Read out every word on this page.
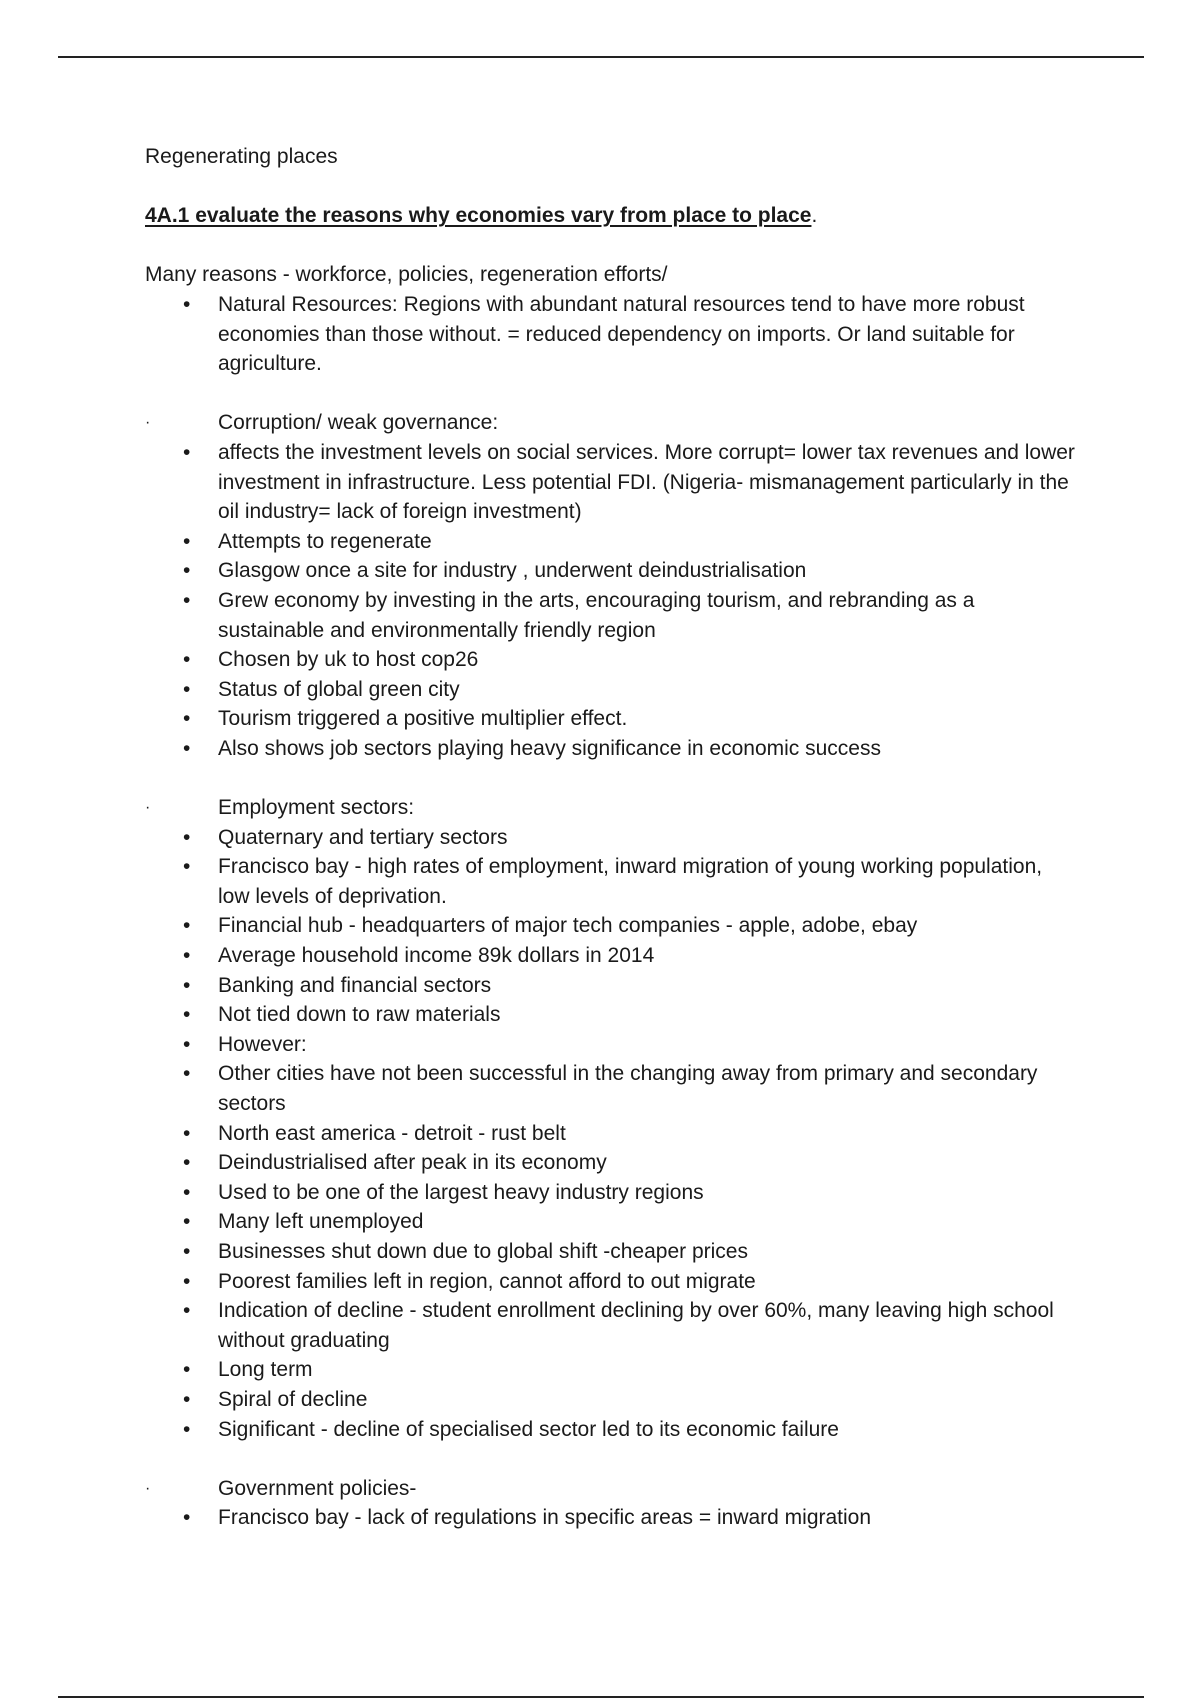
Regenerating places

4A.1 evaluate the reasons why economies vary from place to place.

Many reasons - workforce, policies, regeneration efforts/

• Natural Resources: Regions with abundant natural resources tend to have more robust economies than those without. = reduced dependency on imports. Or land suitable for agriculture.
·	Corruption/ weak governance:
• affects the investment levels on social services. More corrupt= lower tax revenues and lower investment in infrastructure. Less potential FDI. (Nigeria- mismanagement particularly in the oil industry= lack of foreign investment)
• Attempts to regenerate
• Glasgow once a site for industry , underwent deindustrialisation
• Grew economy by investing in the arts, encouraging tourism, and rebranding as a sustainable and environmentally friendly region
• Chosen by uk to host cop26
• Status of global green city
• Tourism triggered a positive multiplier effect.
• Also shows job sectors playing heavy significance in economic success
·	Employment sectors:
• Quaternary and tertiary sectors
• Francisco bay - high rates of employment, inward migration of young working population, low levels of deprivation.
• Financial hub - headquarters of major tech companies - apple, adobe, ebay
• Average household income 89k dollars in 2014
• Banking and financial sectors
• Not tied down to raw materials
• However:
• Other cities have not been successful in the changing away from primary and secondary sectors
• North east america - detroit - rust belt
• Deindustrialised after peak in its economy
• Used to be one of the largest heavy industry regions
• Many left unemployed
• Businesses shut down due to global shift -cheaper prices
• Poorest families left in region, cannot afford to out migrate
• Indication of decline - student enrollment declining by over 60%, many leaving high school without graduating
• Long term
• Spiral of decline
• Significant - decline of specialised sector led to its economic failure
·	Government policies-
• Francisco bay - lack of regulations in specific areas = inward migration
